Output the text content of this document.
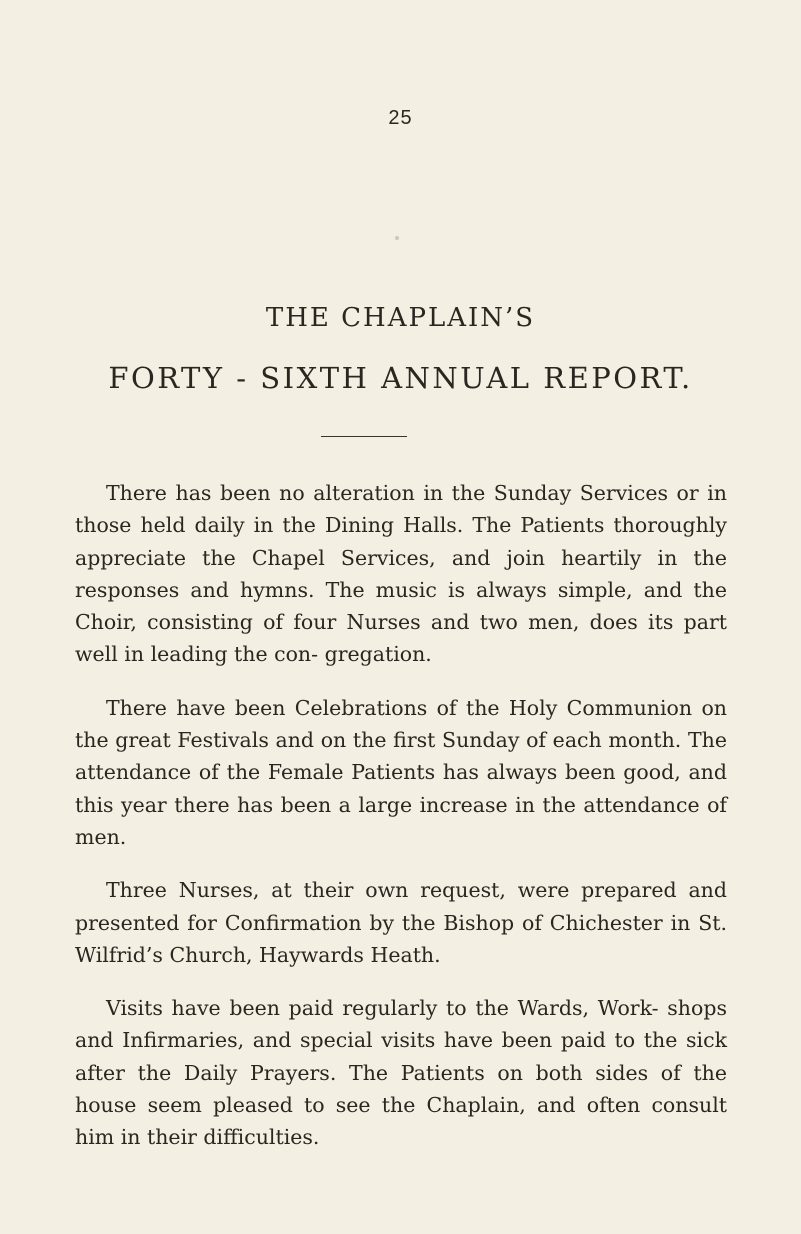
25
THE CHAPLAIN’S
FORTY - SIXTH ANNUAL REPORT.

There has been no alteration in the Sunday Services or in those held daily in the Dining Halls. The Patients thoroughly appreciate the Chapel Services, and join heartily in the responses and hymns. The music is always simple, and the Choir, consisting of four Nurses and two men, does its part well in leading the con- gregation.

There have been Celebrations of the Holy Communion on the great Festivals and on the first Sunday of each month. The attendance of the Female Patients has always been good, and this year there has been a large increase in the attendance of men.

Three Nurses, at their own request, were prepared and presented for Confirmation by the Bishop of Chichester in St. Wilfrid’s Church, Haywards Heath.

Visits have been paid regularly to the Wards, Work- shops and Infirmaries, and special visits have been paid to the sick after the Daily Prayers. The Patients on both sides of the house seem pleased to see the Chaplain, and often consult him in their difficulties.
